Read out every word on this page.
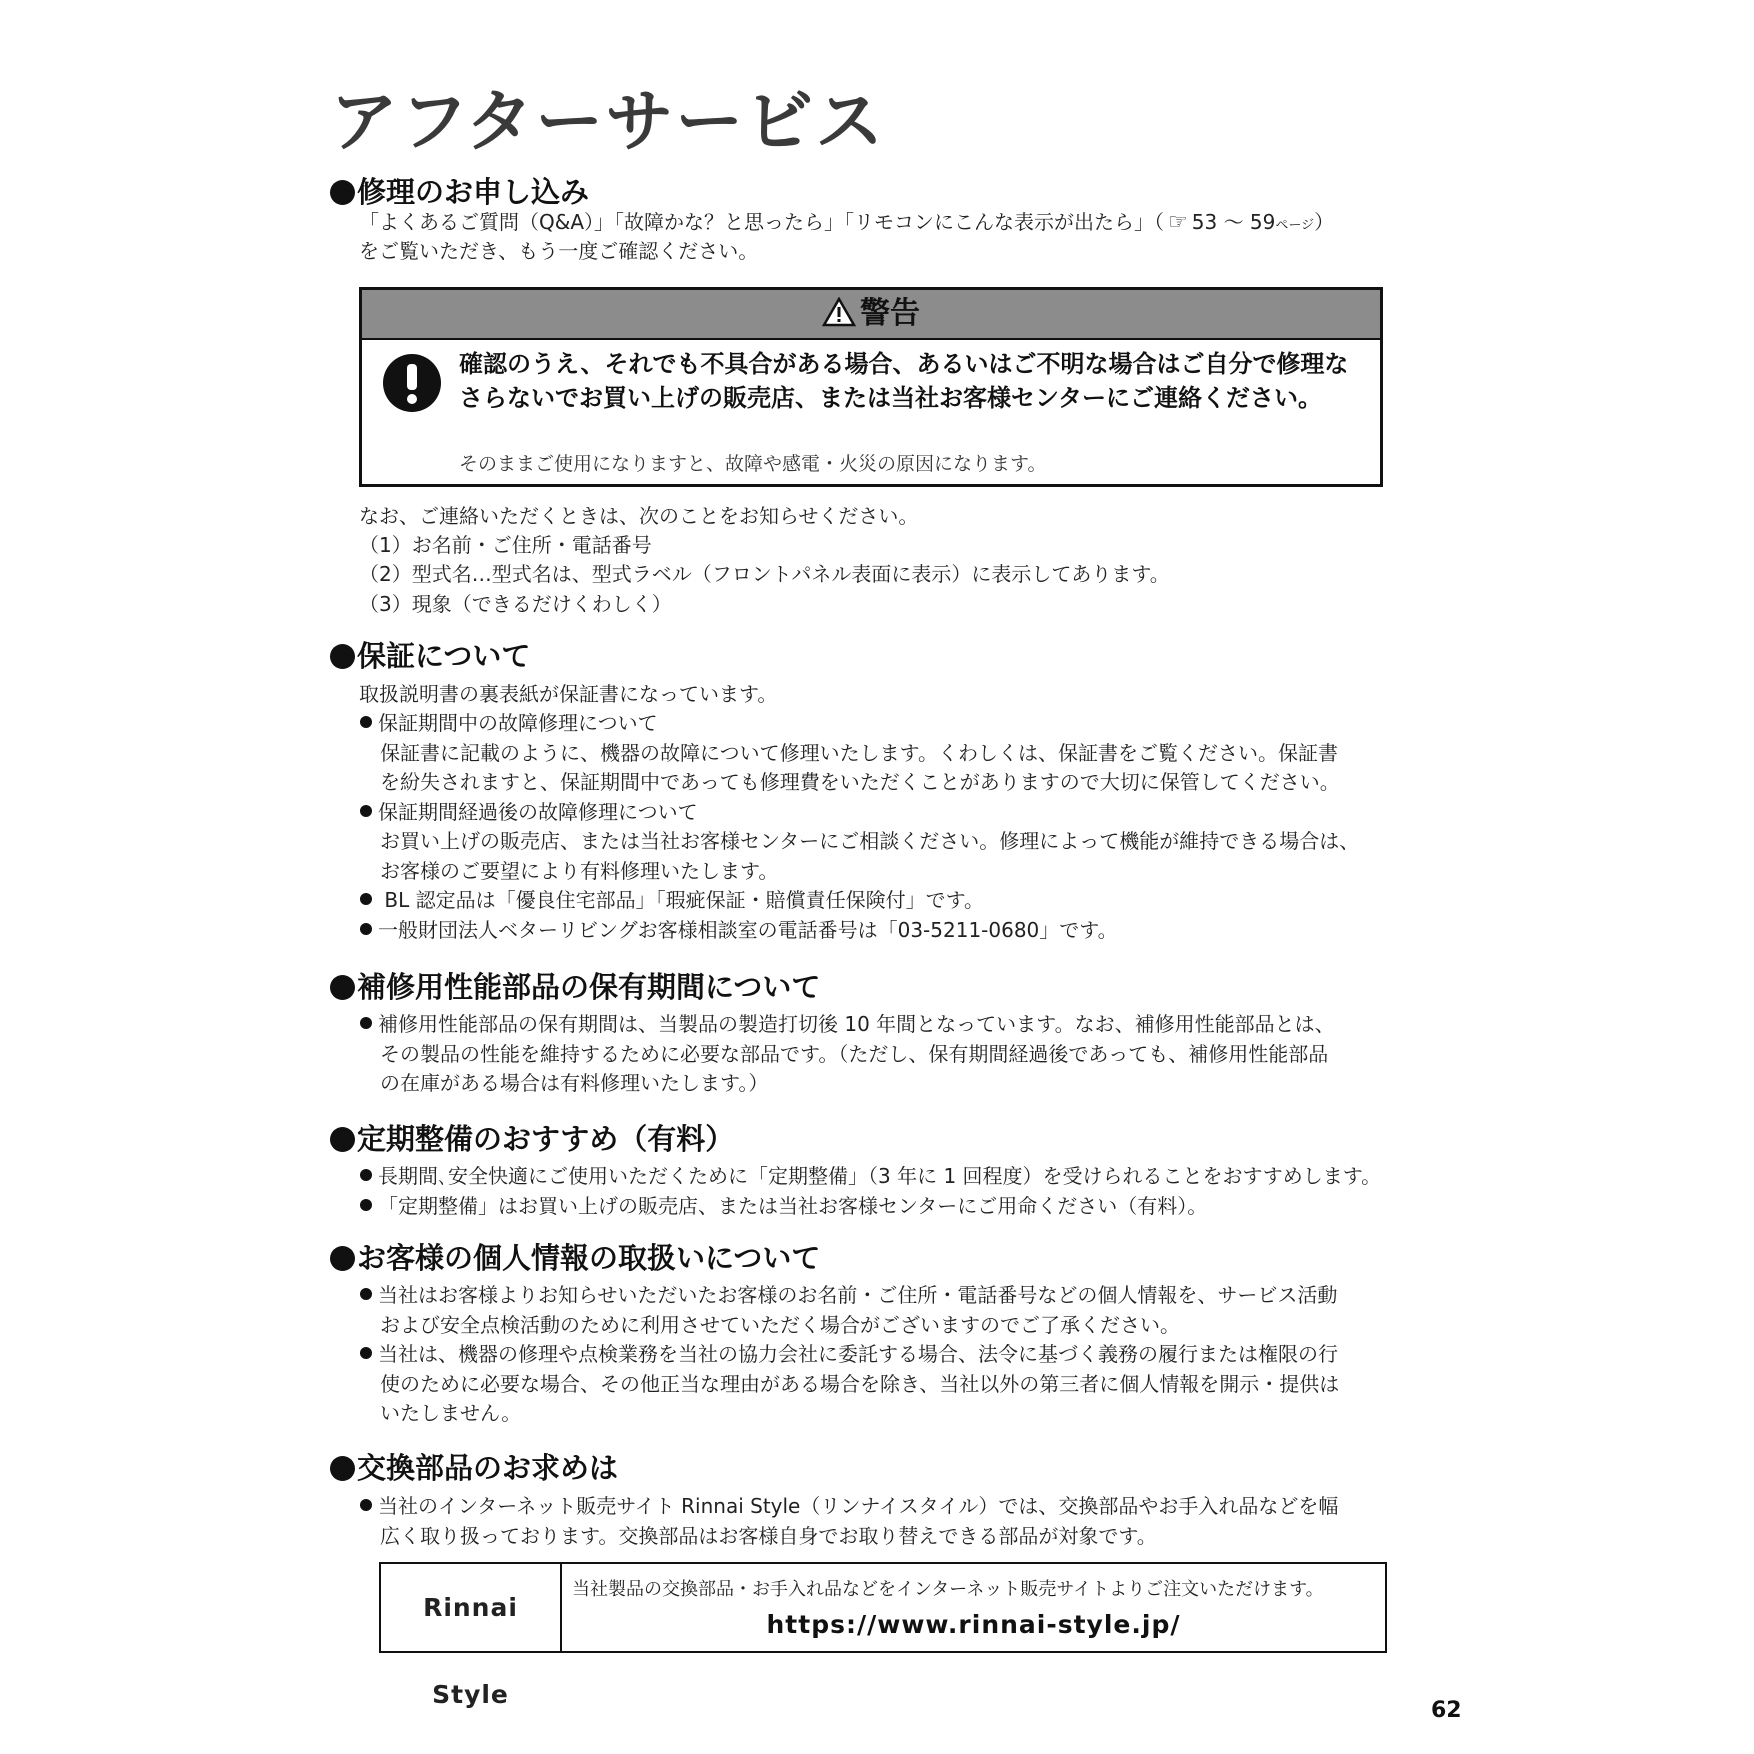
アフターサービス
修理のお申し込み
「よくあるご質問（Q&A）」「故障かな？と思ったら」「リモコンにこんな表示が出たら」（ ☞ 53 ～ 59ページ）
をご覧いただき、もう一度ご確認ください。
警告
確認のうえ、それでも不具合がある場合、あるいはご不明な場合はご自分で修理なさらないでお買い上げの販売店、または当社お客様センターにご連絡ください。
そのままご使用になりますと、故障や感電・火災の原因になります。
なお、ご連絡いただくときは、次のことをお知らせください。
（1）お名前・ご住所・電話番号
（2）型式名…型式名は、型式ラベル（フロントパネル表面に表示）に表示してあります。
（3）現象（できるだけくわしく）
保証について
取扱説明書の裏表紙が保証書になっています。
保証期間中の故障修理について
保証書に記載のように、機器の故障について修理いたします。くわしくは、保証書をご覧ください。保証書
を紛失されますと、保証期間中であっても修理費をいただくことがありますので大切に保管してください。
保証期間経過後の故障修理について
お買い上げの販売店、または当社お客様センターにご相談ください。修理によって機能が維持できる場合は、
お客様のご要望により有料修理いたします。
BL 認定品は「優良住宅部品」「瑕疵保証・賠償責任保険付」です。
一般財団法人ベターリビングお客様相談室の電話番号は「03-5211-0680」です。
補修用性能部品の保有期間について
補修用性能部品の保有期間は、当製品の製造打切後 10 年間となっています。なお、補修用性能部品とは、
その製品の性能を維持するために必要な部品です。（ただし、保有期間経過後であっても、補修用性能部品
の在庫がある場合は有料修理いたします。）
定期整備のおすすめ（有料）
長期間､安全快適にご使用いただくために「定期整備」（3 年に 1 回程度）を受けられることをおすすめします。
「定期整備」はお買い上げの販売店、または当社お客様センターにご用命ください（有料）。
お客様の個人情報の取扱いについて
当社はお客様よりお知らせいただいたお客様のお名前・ご住所・電話番号などの個人情報を、サービス活動
および安全点検活動のために利用させていただく場合がございますのでご了承ください。
当社は、機器の修理や点検業務を当社の協力会社に委託する場合、法令に基づく義務の履行または権限の行
使のために必要な場合、その他正当な理由がある場合を除き、当社以外の第三者に個人情報を開示・提供は
いたしません。
交換部品のお求めは
当社のインターネット販売サイト Rinnai Style（リンナイスタイル）では、交換部品やお手入れ品などを幅
広く取り扱っております。交換部品はお客様自身でお取り替えできる部品が対象です。
Rinnai Style
当社製品の交換部品・お手入れ品などをインターネット販売サイトよりご注文いただけます。
https://www.rinnai-style.jp/
62
